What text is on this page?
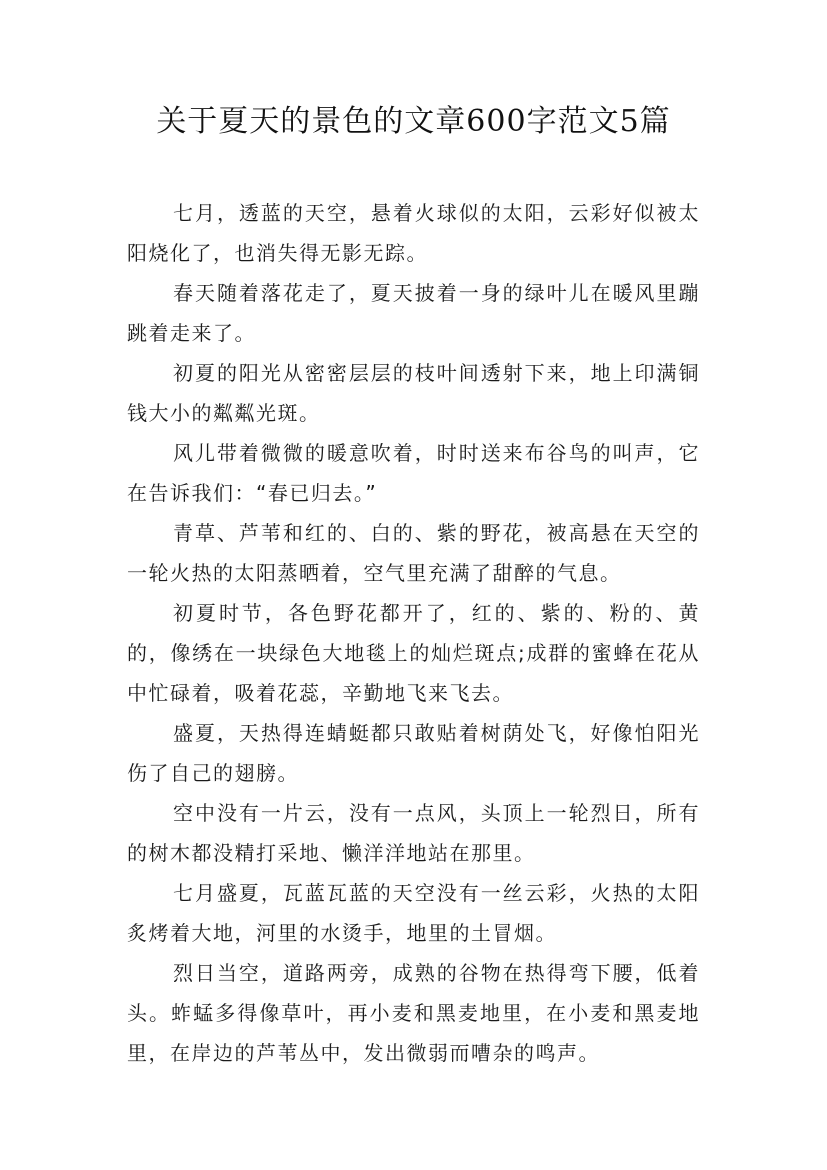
关于夏天的景色的文章600字范文5篇

七月，透蓝的天空，悬着火球似的太阳，云彩好似被太阳烧化了，也消失得无影无踪。

春天随着落花走了，夏天披着一身的绿叶儿在暖风里蹦跳着走来了。

初夏的阳光从密密层层的枝叶间透射下来，地上印满铜钱大小的粼粼光斑。

风儿带着微微的暖意吹着，时时送来布谷鸟的叫声，它在告诉我们：“春已归去。”

青草、芦苇和红的、白的、紫的野花，被高悬在天空的一轮火热的太阳蒸晒着，空气里充满了甜醉的气息。

初夏时节，各色野花都开了，红的、紫的、粉的、黄的，像绣在一块绿色大地毯上的灿烂斑点;成群的蜜蜂在花从中忙碌着，吸着花蕊，辛勤地飞来飞去。

盛夏，天热得连蜻蜓都只敢贴着树荫处飞，好像怕阳光伤了自己的翅膀。

空中没有一片云，没有一点风，头顶上一轮烈日，所有的树木都没精打采地、懒洋洋地站在那里。

七月盛夏，瓦蓝瓦蓝的天空没有一丝云彩，火热的太阳炙烤着大地，河里的水烫手，地里的土冒烟。

烈日当空，道路两旁，成熟的谷物在热得弯下腰，低着头。蚱蜢多得像草叶，再小麦和黑麦地里，在小麦和黑麦地里，在岸边的芦苇丛中，发出微弱而嘈杂的鸣声。
